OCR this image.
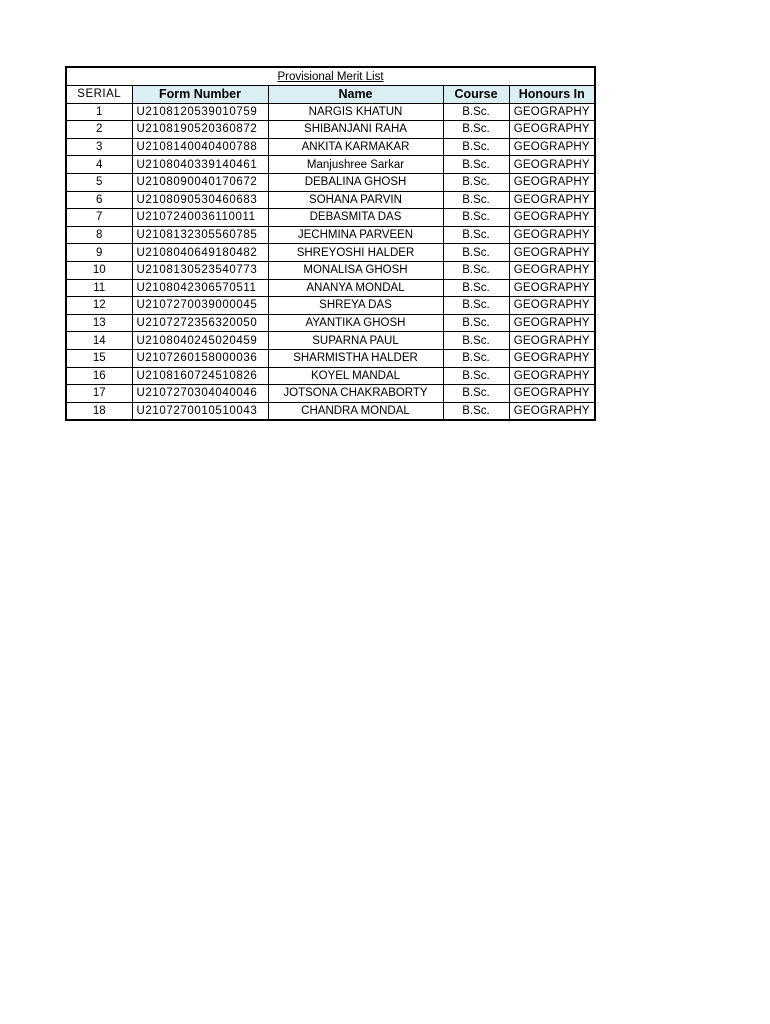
Provisional Merit List				
SERIAL	Form Number	Name	Course	Honours In
1	U2108120539010759	NARGIS KHATUN	B.Sc.	GEOGRAPHY
2	U2108190520360872	SHIBANJANI RAHA	B.Sc.	GEOGRAPHY
3	U2108140040400788	ANKITA KARMAKAR	B.Sc.	GEOGRAPHY
4	U2108040339140461	Manjushree Sarkar	B.Sc.	GEOGRAPHY
5	U2108090040170672	DEBALINA GHOSH	B.Sc.	GEOGRAPHY
6	U2108090530460683	SOHANA PARVIN	B.Sc.	GEOGRAPHY
7	U2107240036110011	DEBASMITA DAS	B.Sc.	GEOGRAPHY
8	U2108132305560785	JECHMINA PARVEEN	B.Sc.	GEOGRAPHY
9	U2108040649180482	SHREYOSHI HALDER	B.Sc.	GEOGRAPHY
10	U2108130523540773	MONALISA GHOSH	B.Sc.	GEOGRAPHY
11	U2108042306570511	ANANYA MONDAL	B.Sc.	GEOGRAPHY
12	U2107270039000045	SHREYA DAS	B.Sc.	GEOGRAPHY
13	U2107272356320050	AYANTIKA GHOSH	B.Sc.	GEOGRAPHY
14	U2108040245020459	SUPARNA PAUL	B.Sc.	GEOGRAPHY
15	U2107260158000036	SHARMISTHA HALDER	B.Sc.	GEOGRAPHY
16	U2108160724510826	KOYEL MANDAL	B.Sc.	GEOGRAPHY
17	U2107270304040046	JOTSONA CHAKRABORTY	B.Sc.	GEOGRAPHY
18	U2107270010510043	CHANDRA MONDAL	B.Sc.	GEOGRAPHY
